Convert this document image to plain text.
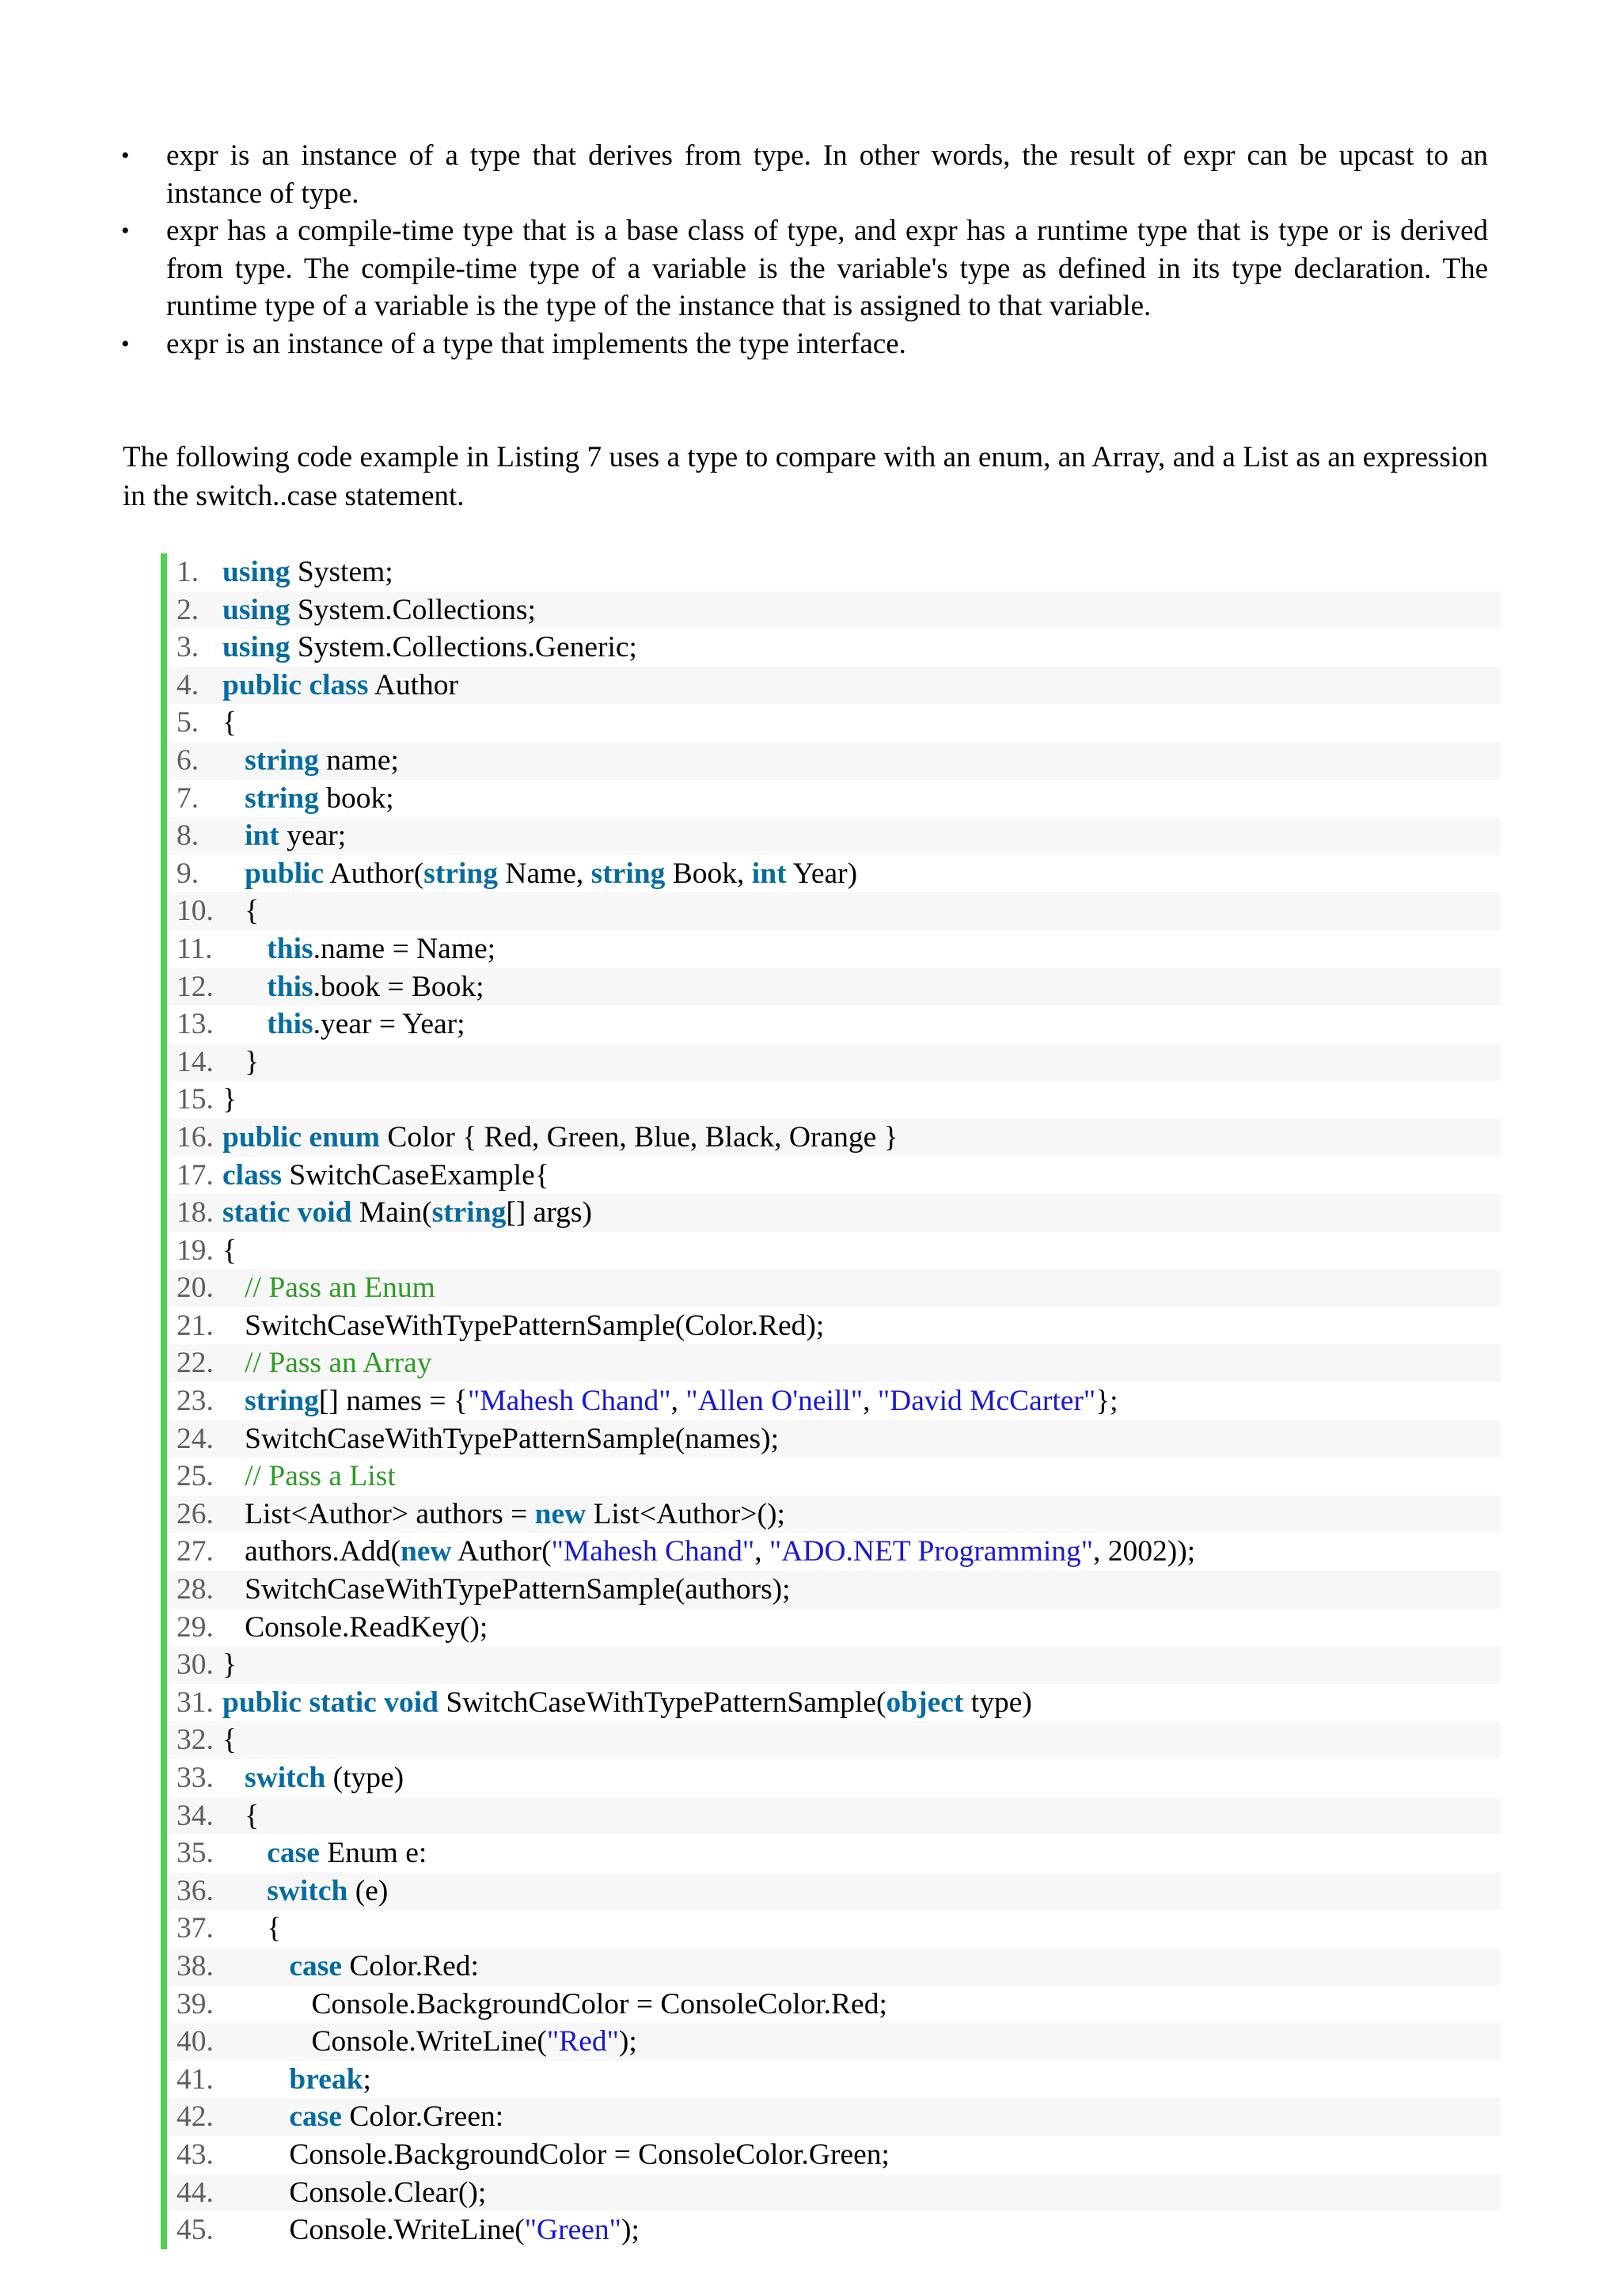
• expr is an instance of a type that derives from type. In other words, the result of expr can be upcast to an instance of type.
• expr has a compile-time type that is a base class of type, and expr has a runtime type that is type or is derived from type. The compile-time type of a variable is the variable's type as defined in its type declaration. The runtime type of a variable is the type of the instance that is assigned to that variable.
• expr is an instance of a type that implements the type interface.

The following code example in Listing 7 uses a type to compare with an enum, an Array, and a List as an expression in the switch..case statement.

1. using System;
2. using System.Collections;
3. using System.Collections.Generic;
4. public class Author
5. {
6. string name;
7. string book;
8. int year;
9. public Author(string Name, string Book, int Year)
10.   {
11. this.name = Name;
12. this.book = Book;
13. this.year = Year;
14.   }
15. }
16. public enum Color { Red, Green, Blue, Black, Orange }
17. class SwitchCaseExample{
18. static void Main(string[] args)
19. {
20. // Pass an Enum
21.   SwitchCaseWithTypePatternSample(Color.Red);
22. // Pass an Array
23. string[] names = {"Mahesh Chand", "Allen O'neill", "David McCarter"};
24.   SwitchCaseWithTypePatternSample(names);
25. // Pass a List
26.   List<Author> authors = new List<Author>();
27.   authors.Add(new Author("Mahesh Chand", "ADO.NET Programming", 2002));
28.   SwitchCaseWithTypePatternSample(authors);
29.   Console.ReadKey();
30. }
31. public static void SwitchCaseWithTypePatternSample(object type)
32. {
33. switch (type)
34.   {
35. case Enum e:
36. switch (e)
37.      {
38.	case Color.Red:
39.            Console.BackgroundColor = ConsoleColor.Red;
40.            Console.WriteLine("Red");
41.	break;
42.	case Color.Green:
43.         Console.BackgroundColor = ConsoleColor.Green;
44.         Console.Clear();
45.         Console.WriteLine("Green");
